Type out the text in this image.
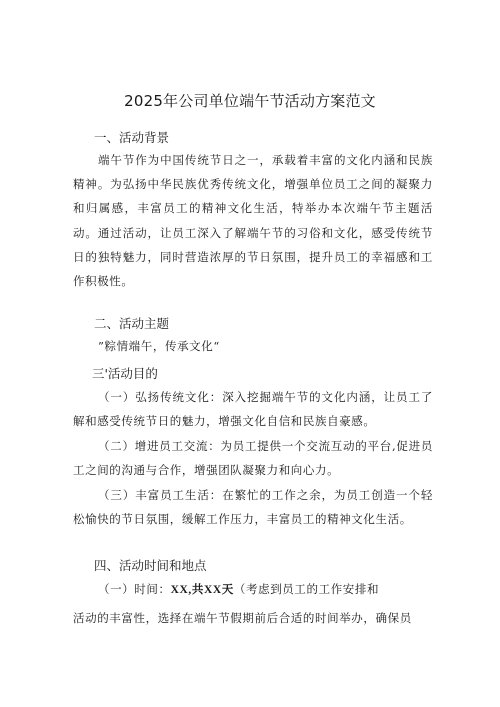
2025年公司单位端午节活动方案范文
一、活动背景

端午节作为中国传统节日之一，承载着丰富的文化内涵和民族精神。为弘扬中华民族优秀传统文化，增强单位员工之间的凝聚力和归属感，丰富员工的精神文化生活，特举办本次端午节主题活动。通过活动，让员工深入了解端午节的习俗和文化，感受传统节日的独特魅力，同时营造浓厚的节日氛围，提升员工的幸福感和工作积极性。

二、活动主题
”粽情端午，传承文化“
三'活动目的

（一）弘扬传统文化：深入挖掘端午节的文化内涵，让员工了解和感受传统节日的魅力，增强文化自信和民族自豪感。

（二）增进员工交流：为员工提供一个交流互动的平台,促进员工之间的沟通与合作，增强团队凝聚力和向心力。

（三）丰富员工生活：在繁忙的工作之余，为员工创造一个轻松愉快的节日氛围，缓解工作压力，丰富员工的精神文化生活。

四、活动时间和地点
（一）时间：XX,共XX天（考虑到员工的工作安排和
活动的丰富性，选择在端午节假期前后合适的时间举办，确保员
